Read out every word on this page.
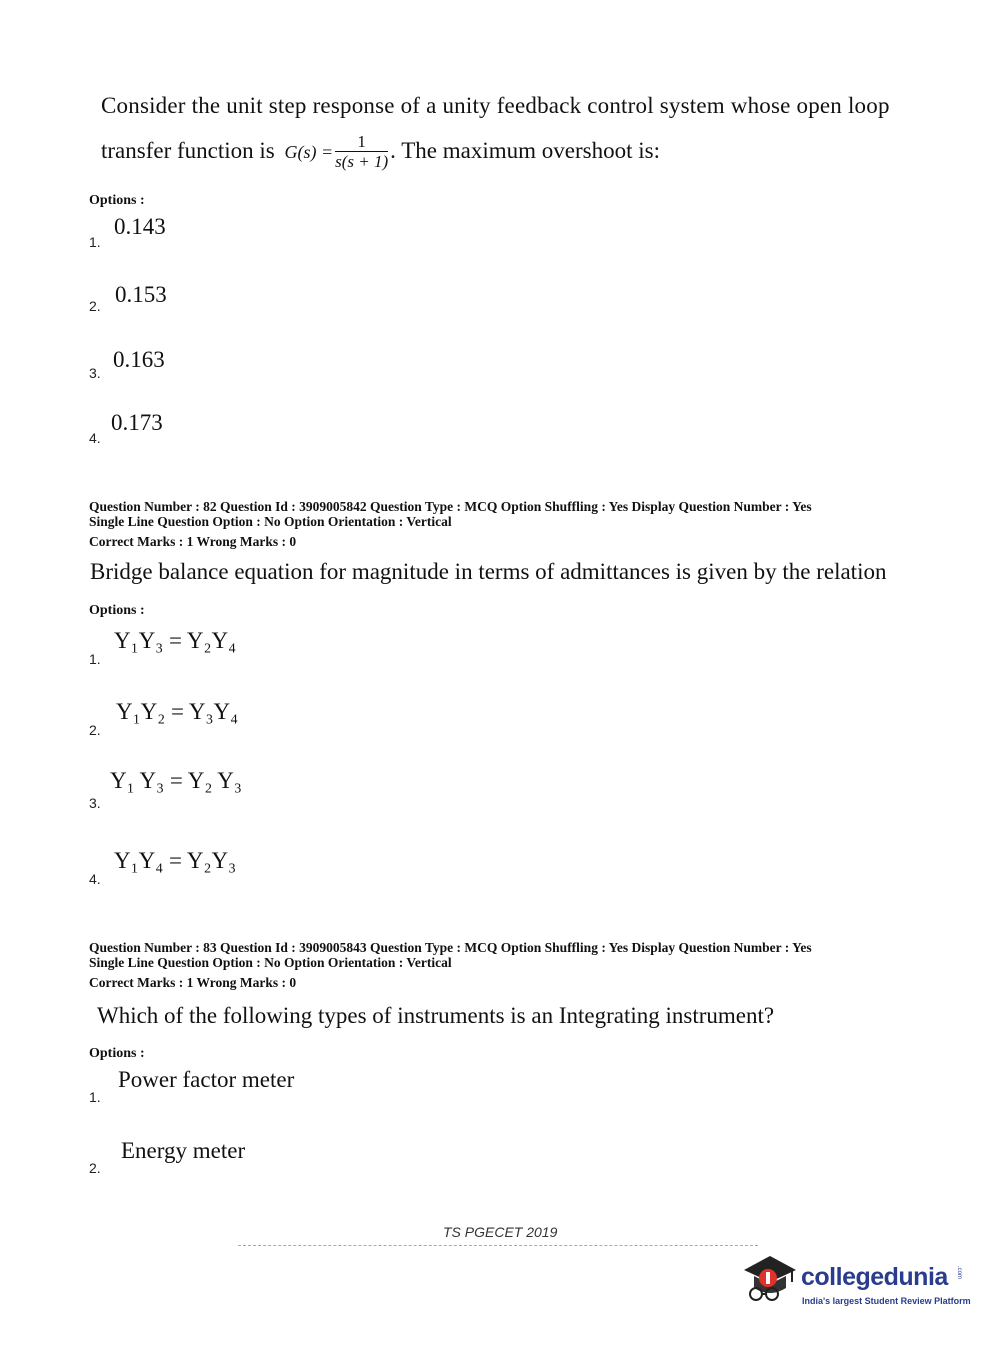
Consider the unit step response of a unity feedback control system whose open loop
transfer function is $G(s) = \frac{1}{s(s + 1)}$ . The maximum overshoot is:
Options :
0.143
1.
0.153
2.
0.163
3.
0.173
4.
Question Number : 82 Question Id : 3909005842 Question Type : MCQ Option Shuffling : Yes Display Question Number : Yes
Single Line Question Option : No Option Orientation : Vertical
Correct Marks : 1 Wrong Marks : 0
Bridge balance equation for magnitude in terms of admittances is given by the relation
Options :
Y₁Y₃ = Y₂Y₄
1.
Y₁Y₂ = Y₃Y₄
2.
Y₁ Y₃ = Y₂ Y₃
3.
Y₁Y₄ = Y₂Y₃
4.
Question Number : 83 Question Id : 3909005843 Question Type : MCQ Option Shuffling : Yes Display Question Number : Yes
Single Line Question Option : No Option Orientation : Vertical
Correct Marks : 1 Wrong Marks : 0
Which of the following types of instruments is an Integrating instrument?
Options :
Power factor meter
1.
Energy meter
2.
TS PGECET 2019
collegedunia .com
India's largest Student Review Platform
